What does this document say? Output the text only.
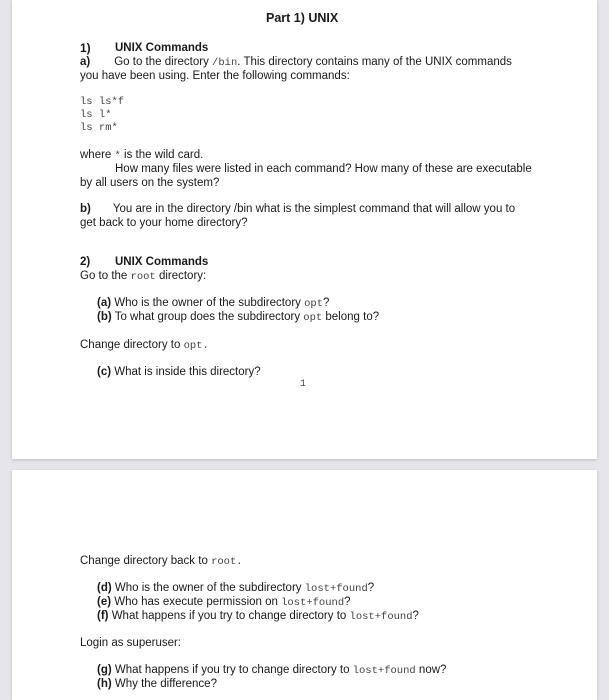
Part 1) UNIX
1) UNIX Commands
a) Go to the directory /bin. This directory contains many of the UNIX commands
you have been using. Enter the following commands:
ls ls*f
ls l*
ls rm*
where * is the wild card.
How many files were listed in each command? How many of these are executable
by all users on the system?
b) You are in the directory /bin what is the simplest command that will allow you to
get back to your home directory?
2) UNIX Commands
Go to the root directory:
(a) Who is the owner of the subdirectory opt?
(b) To what group does the subdirectory opt belong to?
Change directory to opt.
(c) What is inside this directory?
1
Change directory back to root.
(d) Who is the owner of the subdirectory lost+found?
(e) Who has execute permission on lost+found?
(f) What happens if you try to change directory to lost+found?
Login as superuser:
(g) What happens if you try to change directory to lost+found now?
(h) Why the difference?
